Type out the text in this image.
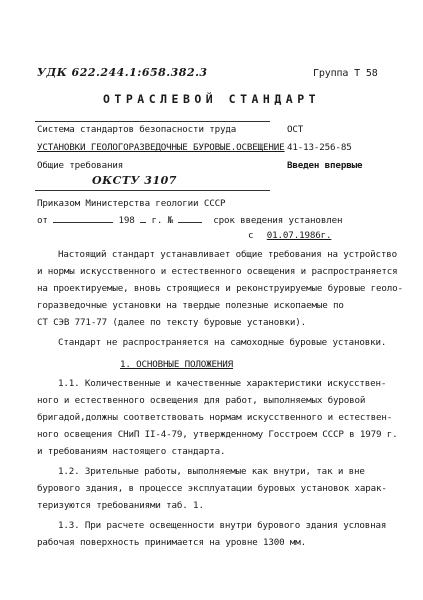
УДК 622.244.1:658.382.3	Группа Т 58
ОТРАСЛЕВОЙ СТАНДАРТ
Система стандартов безопасности труда
УСТАНОВКИ ГЕОЛОГОРАЗВЕДОЧНЫЕ БУРОВЫЕ.ОСВЕЩЕНИЕ
Общие требования
ОКСТУ 3107
ОСТ
41-13-256-85
Введен впервые
Приказом Министерства геологии СССР
от	198 г. №	срок введения установлен
с 01.07.1986г.
Настоящий стандарт устанавливает общие требования на устройство
и нормы искусственного и естественного освещения и распространяется
на проектируемые, вновь строящиеся и реконструируемые буровые геоло-
горазведочные установки на твердые полезные ископаемые по
СТ СЭВ 771-77 (далее по тексту буровые установки).
Стандарт не распространяется на самоходные буровые установки.
1. ОСНОВНЫЕ ПОЛОЖЕНИЯ
1.1. Количественные и качественные характеристики искусствен-
ного и естественного освещения для работ, выполняемых буровой
бригадой,должны соответствовать нормам искусственного и естествен-
ного освещения СНиП II-4-79, утвержденному Госстроем СССР в 1979 г.
и требованиям настоящего стандарта.
1.2. Зрительные работы, выполняемые как внутри, так и вне
бурового здания, в процессе эксплуатации буровых установок харак-
теризуются требованиями таб. 1.
1.3. При расчете освещенности внутри бурового здания условная
рабочая поверхность принимается на уровне 1300 мм.
